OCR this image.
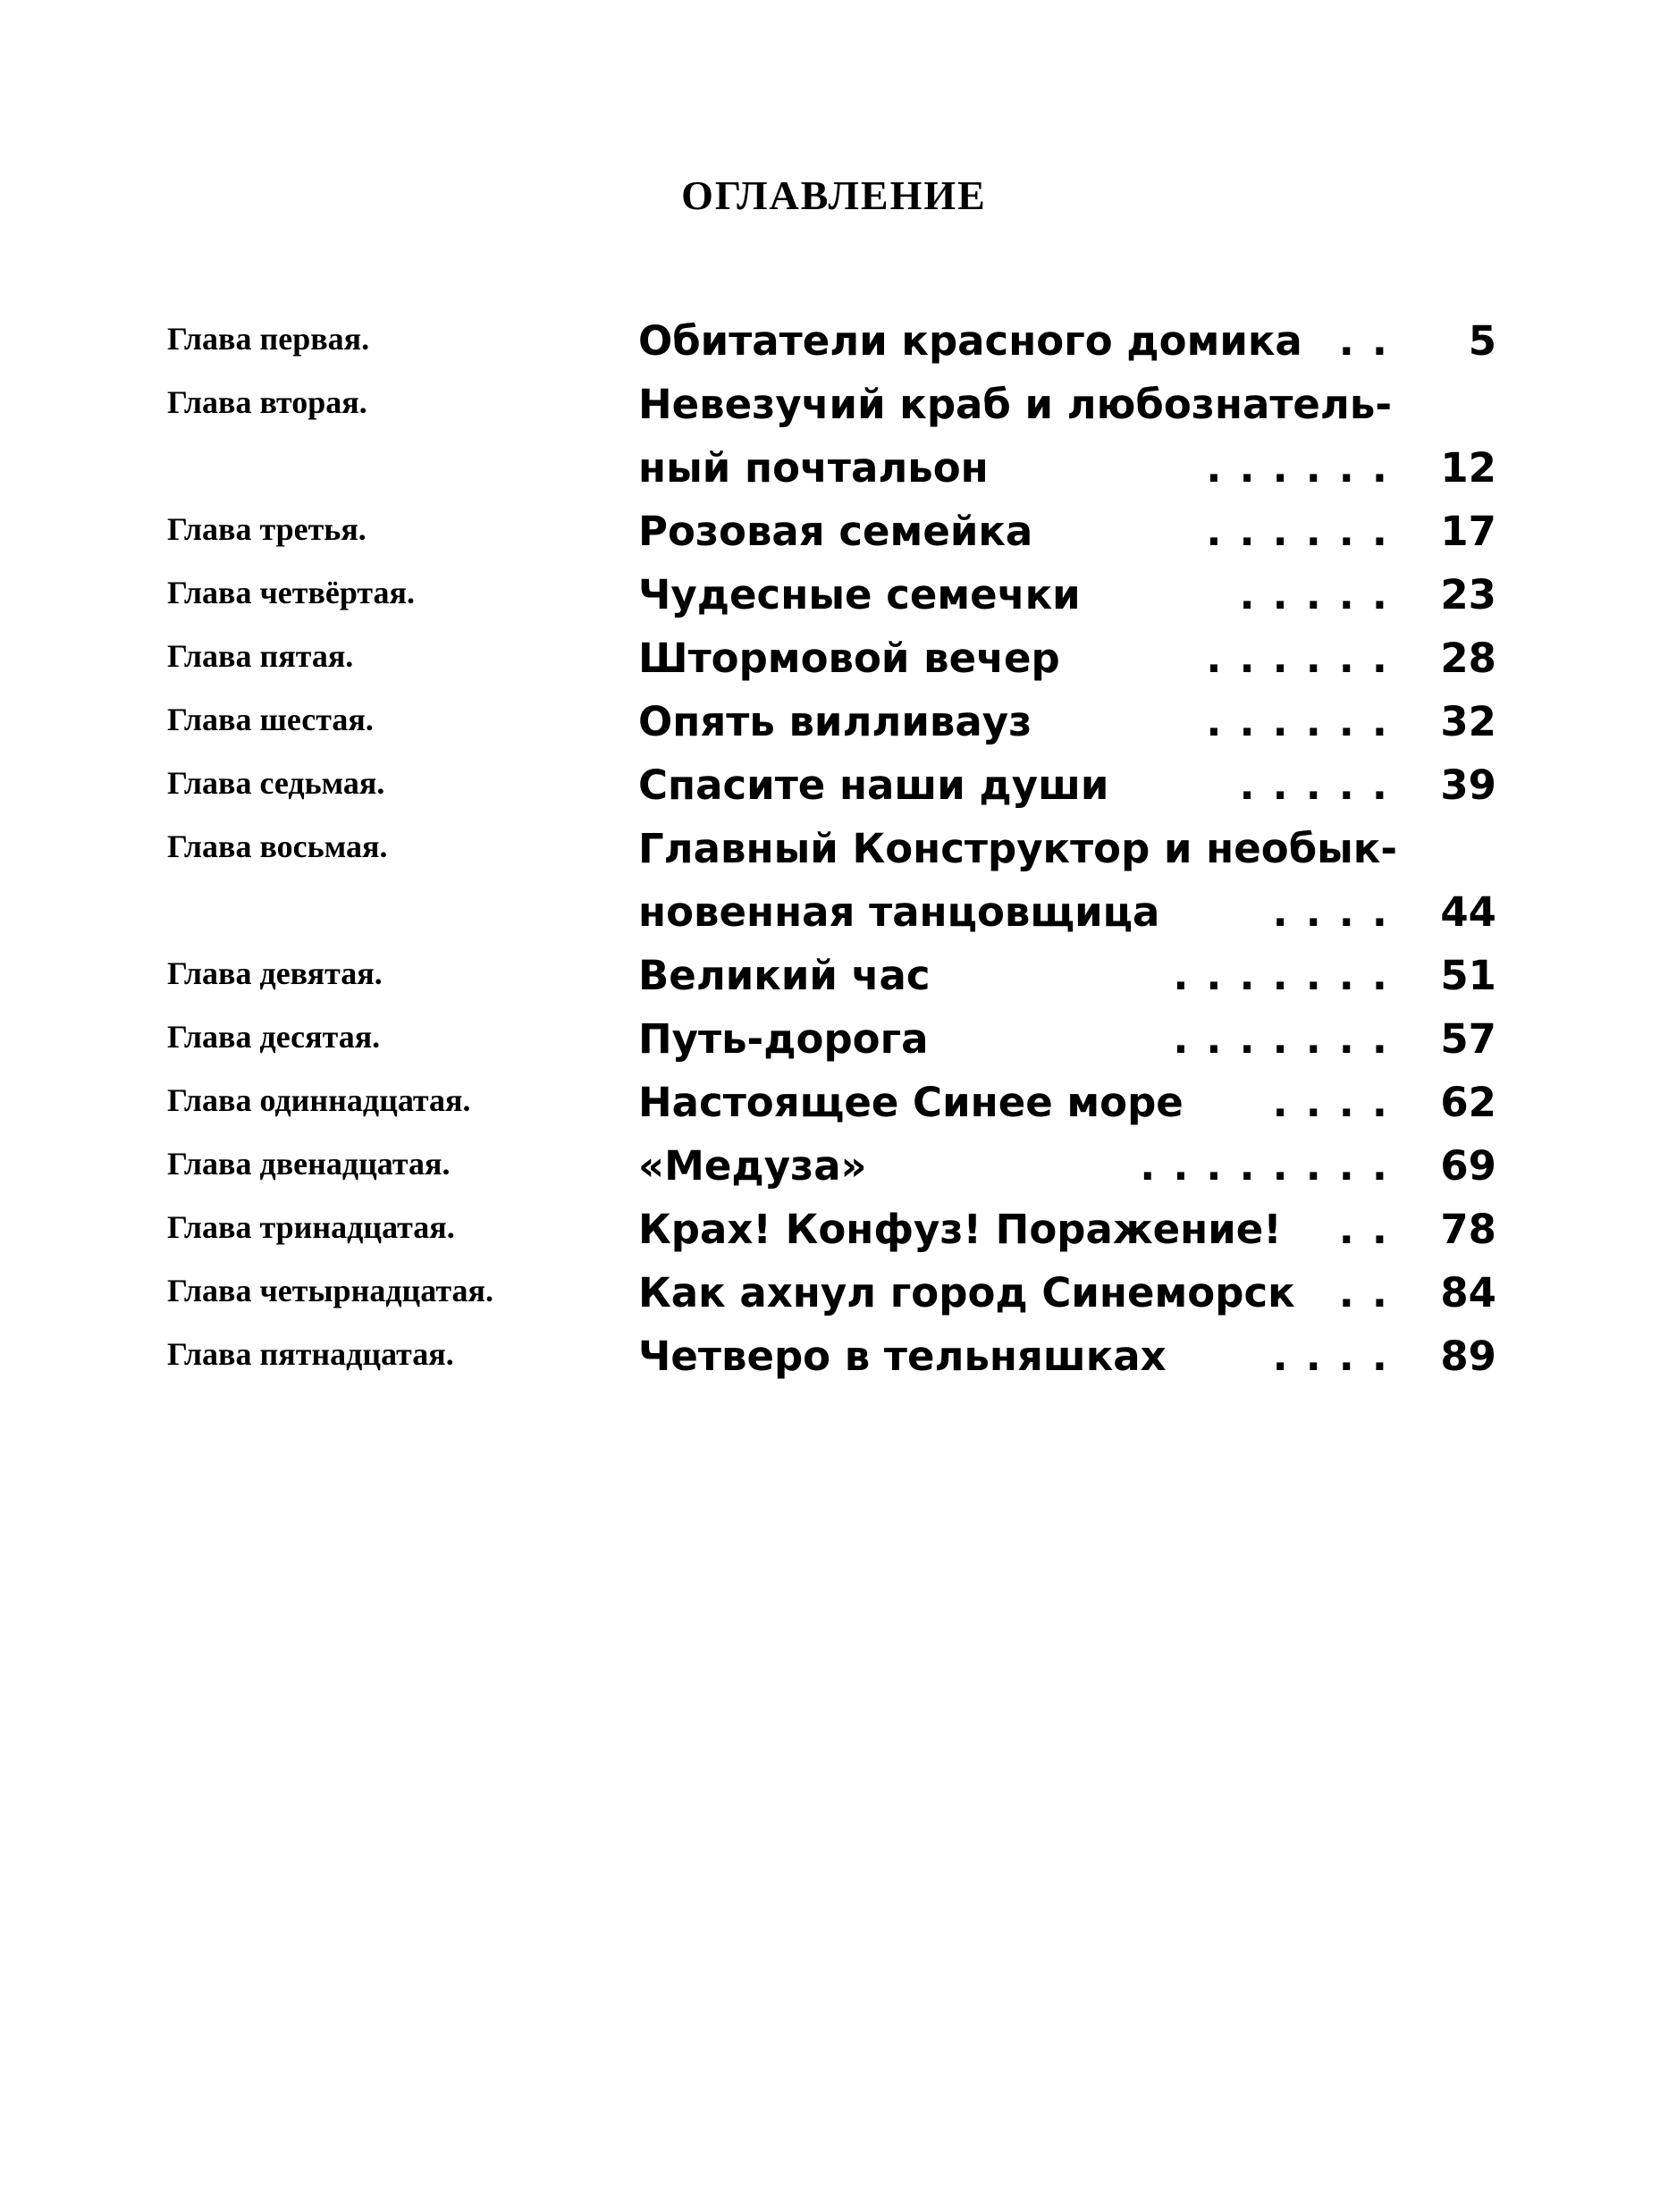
ОГЛАВЛЕНИЕ
Глава первая.	Обитатели красного домика .. 5
Глава вторая.	Невезучий краб и любознатель-
ный почтальон	...... 12
Глава третья.	Розовая семейка	...... 17
Глава четвёртая.	Чудесные семечки	..... 23
Глава пятая.	Штормовой вечер	...... 28
Глава шестая.	Опять вилливауз	...... 32
Глава седьмая.	Спасите наши души	..... 39
Глава восьмая.	Главный Конструктор и необык-
новенная танцовщица	.... 44
Глава девятая.	Великий час	....... 51
Глава десятая.	Путь-дорога	....... 57
Глава одиннадцатая.	Настоящее Синее море .... 62
Глава двенадцатая.	«Медуза»	........ 69
Глава тринадцатая.	Крах! Конфуз! Поражение! .. 78
Глава четырнадцатая.	Как ахнул город Синеморск .. 84
Глава пятнадцатая.	Четверо в тельняшках	.... 89
